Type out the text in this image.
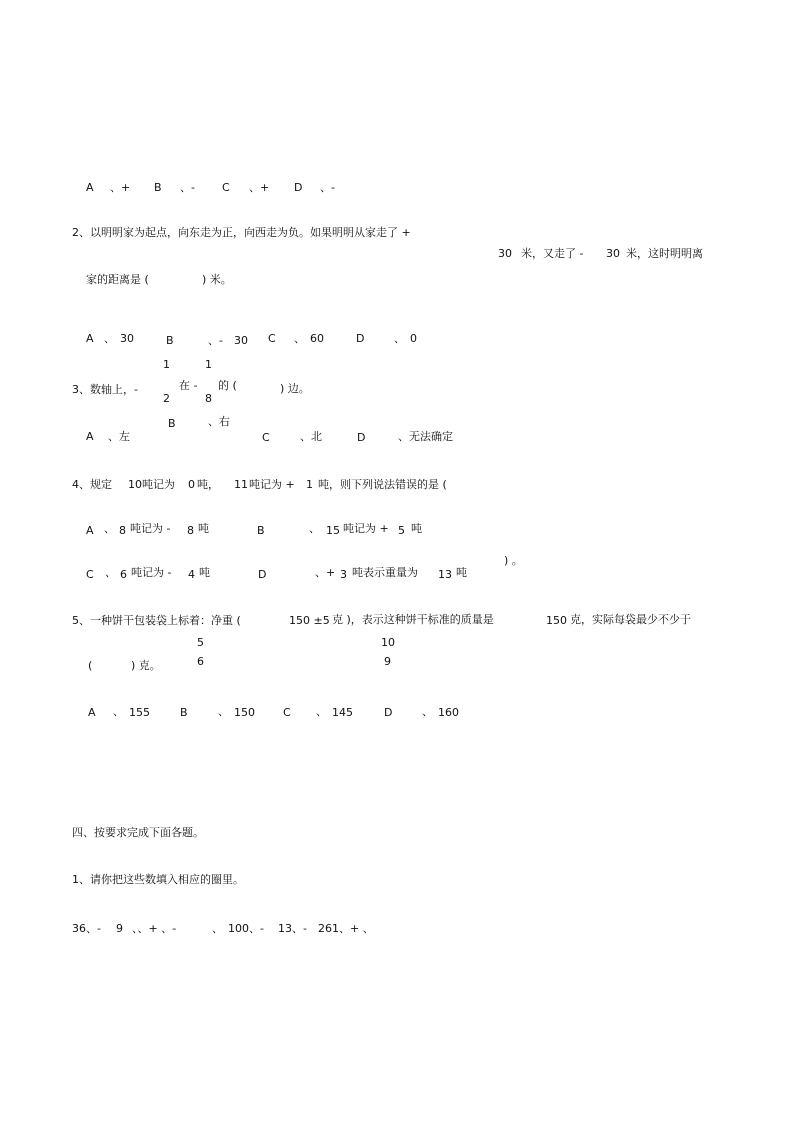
A 、+ B 、- C 、+ D 、-
2、以明明家为起点，向东走为正，向西走为负。如果明明从家走了 +
30 米，又走了 - 30 米，这时明明离
家的距离是 (	) 米。
A 、 30	B	、- 30 C 、 60	D	、 0
1	1
3、数轴上，-	在 - 的 (	) 边。
2	8
B	、右
A 、左	C	、北	D	、无法确定
4、规定 10 吨记为 0 吨， 11 吨记为 + 1 吨，则下列说法错误的是 (
A 、 8 吨记为 - 8 吨	B	、 15 吨记为 + 5 吨
) 。
C 、 6 吨记为 - 4 吨	D	、+ 3 吨表示重量为 13 吨
5、一种饼干包装袋上标着：净重 (	150 ±5 克 )，表示这种饼干标准的质量是	150 克，实际每袋最少不少于
5	10
6	9
(	) 克。
A 、 155	B	、 150	C 、 145	D	、 160
四、按要求完成下面各题。
1、请你把这些数填入相应的圈里。
36、- 9 、、+ 、-	、 100、- 13、- 261、+ 、
